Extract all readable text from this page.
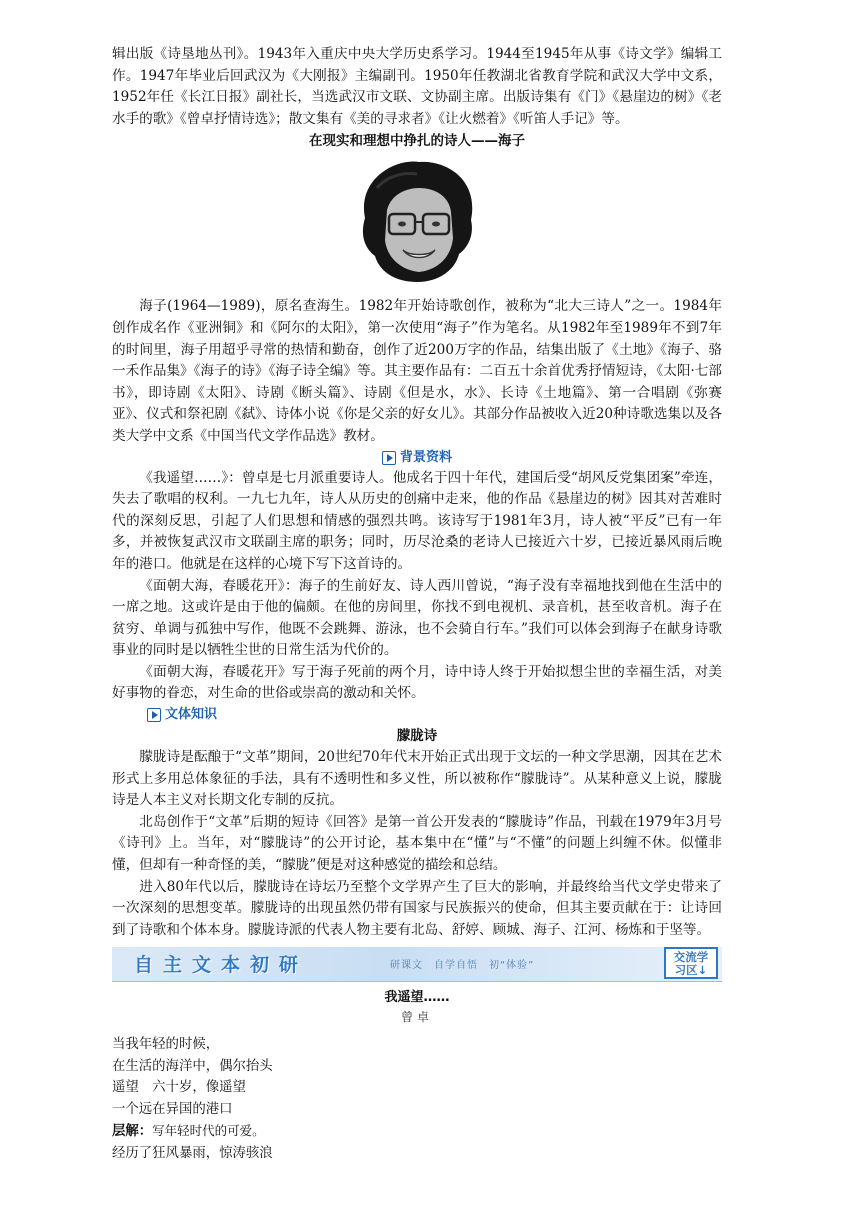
辑出版《诗垦地丛刊》。1943年入重庆中央大学历史系学习。1944至1945年从事《诗文学》编辑工作。1947年毕业后回武汉为《大刚报》主编副刊。1950年任教湖北省教育学院和武汉大学中文系，1952年任《长江日报》副社长，当选武汉市文联、文协副主席。出版诗集有《门》《悬崖边的树》《老水手的歌》《曾卓抒情诗选》；散文集有《美的寻求者》《让火燃着》《听笛人手记》等。

在现实和理想中挣扎的诗人——海子

海子(1964—1989)，原名查海生。1982年开始诗歌创作，被称为“北大三诗人”之一。1984年创作成名作《亚洲铜》和《阿尔的太阳》，第一次使用“海子”作为笔名。从1982年至1989年不到7年的时间里，海子用超乎寻常的热情和勤奋，创作了近200万字的作品，结集出版了《土地》《海子、骆一禾作品集》《海子的诗》《海子诗全编》等。其主要作品有：二百五十余首优秀抒情短诗，《太阳·七部书》，即诗剧《太阳》、诗剧《断头篇》、诗剧《但是水，水》、长诗《土地篇》、第一合唱剧《弥赛亚》、仪式和祭祀剧《弑》、诗体小说《你是父亲的好女儿》。其部分作品被收入近20种诗歌选集以及各类大学中文系《中国当代文学作品选》教材。

背景资料

《我遥望……》：曾卓是七月派重要诗人。他成名于四十年代，建国后受“胡风反党集团案”牵连，失去了歌唱的权利。一九七九年，诗人从历史的创痛中走来，他的作品《悬崖边的树》因其对苦难时代的深刻反思，引起了人们思想和情感的强烈共鸣。该诗写于1981年3月，诗人被“平反”已有一年多，并被恢复武汉市文联副主席的职务；同时，历尽沧桑的老诗人已接近六十岁，已接近暴风雨后晚年的港口。他就是在这样的心境下写下这首诗的。

《面朝大海，春暖花开》：海子的生前好友、诗人西川曾说，“海子没有幸福地找到他在生活中的一席之地。这或许是由于他的偏颇。在他的房间里，你找不到电视机、录音机，甚至收音机。海子在贫穷、单调与孤独中写作，他既不会跳舞、游泳，也不会骑自行车。”我们可以体会到海子在献身诗歌事业的同时是以牺牲尘世的日常生活为代价的。

《面朝大海，春暖花开》写于海子死前的两个月，诗中诗人终于开始拟想尘世的幸福生活，对美好事物的眷恋，对生命的世俗或崇高的激动和关怀。

文体知识
朦胧诗

朦胧诗是酝酿于“文革”期间，20世纪70年代末开始正式出现于文坛的一种文学思潮，因其在艺术形式上多用总体象征的手法，具有不透明性和多义性，所以被称作“朦胧诗”。从某种意义上说，朦胧诗是人本主义对长期文化专制的反抗。

北岛创作于“文革”后期的短诗《回答》是第一首公开发表的“朦胧诗”作品，刊载在1979年3月号《诗刊》上。当年，对“朦胧诗”的公开讨论，基本集中在“懂”与“不懂”的问题上纠缠不休。似懂非懂，但却有一种奇怪的美，“朦胧”便是对这种感觉的描绘和总结。

进入80年代以后，朦胧诗在诗坛乃至整个文学界产生了巨大的影响，并最终给当代文学史带来了一次深刻的思想变革。朦胧诗的出现虽然仍带有国家与民族振兴的使命，但其主要贡献在于：让诗回到了诗歌和个体本身。朦胧诗派的代表人物主要有北岛、舒婷、顾城、海子、江河、杨炼和于坚等。

自主文本初研	研课文　自学自悟　初“体验”
交流学
习区↓
我遥望……
曾卓

当我年轻的时候，

在生活的海洋中，偶尔抬头

遥望　六十岁，像遥望

一个远在异国的港口

层解：写年轻时代的可爱。

经历了狂风暴雨，惊涛骇浪
